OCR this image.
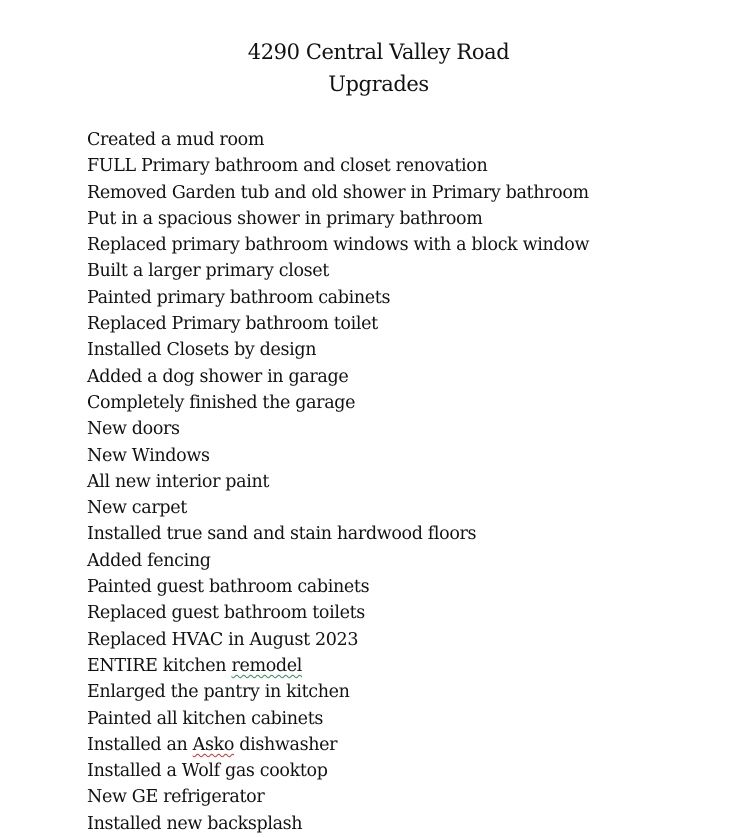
4290 Central Valley Road
Upgrades
Created a mud room
FULL Primary bathroom and closet renovation
Removed Garden tub and old shower in Primary bathroom
Put in a spacious shower in primary bathroom
Replaced primary bathroom windows with a block window
Built a larger primary closet
Painted primary bathroom cabinets
Replaced Primary bathroom toilet
Installed Closets by design
Added a dog shower in garage
Completely finished the garage
New doors
New Windows
All new interior paint
New carpet
Installed true sand and stain hardwood floors
Added fencing
Painted guest bathroom cabinets
Replaced guest bathroom toilets
Replaced HVAC in August 2023
ENTIRE kitchen remodel
Enlarged the pantry in kitchen
Painted all kitchen cabinets
Installed an Asko dishwasher
Installed a Wolf gas cooktop
New GE refrigerator
Installed new backsplash
